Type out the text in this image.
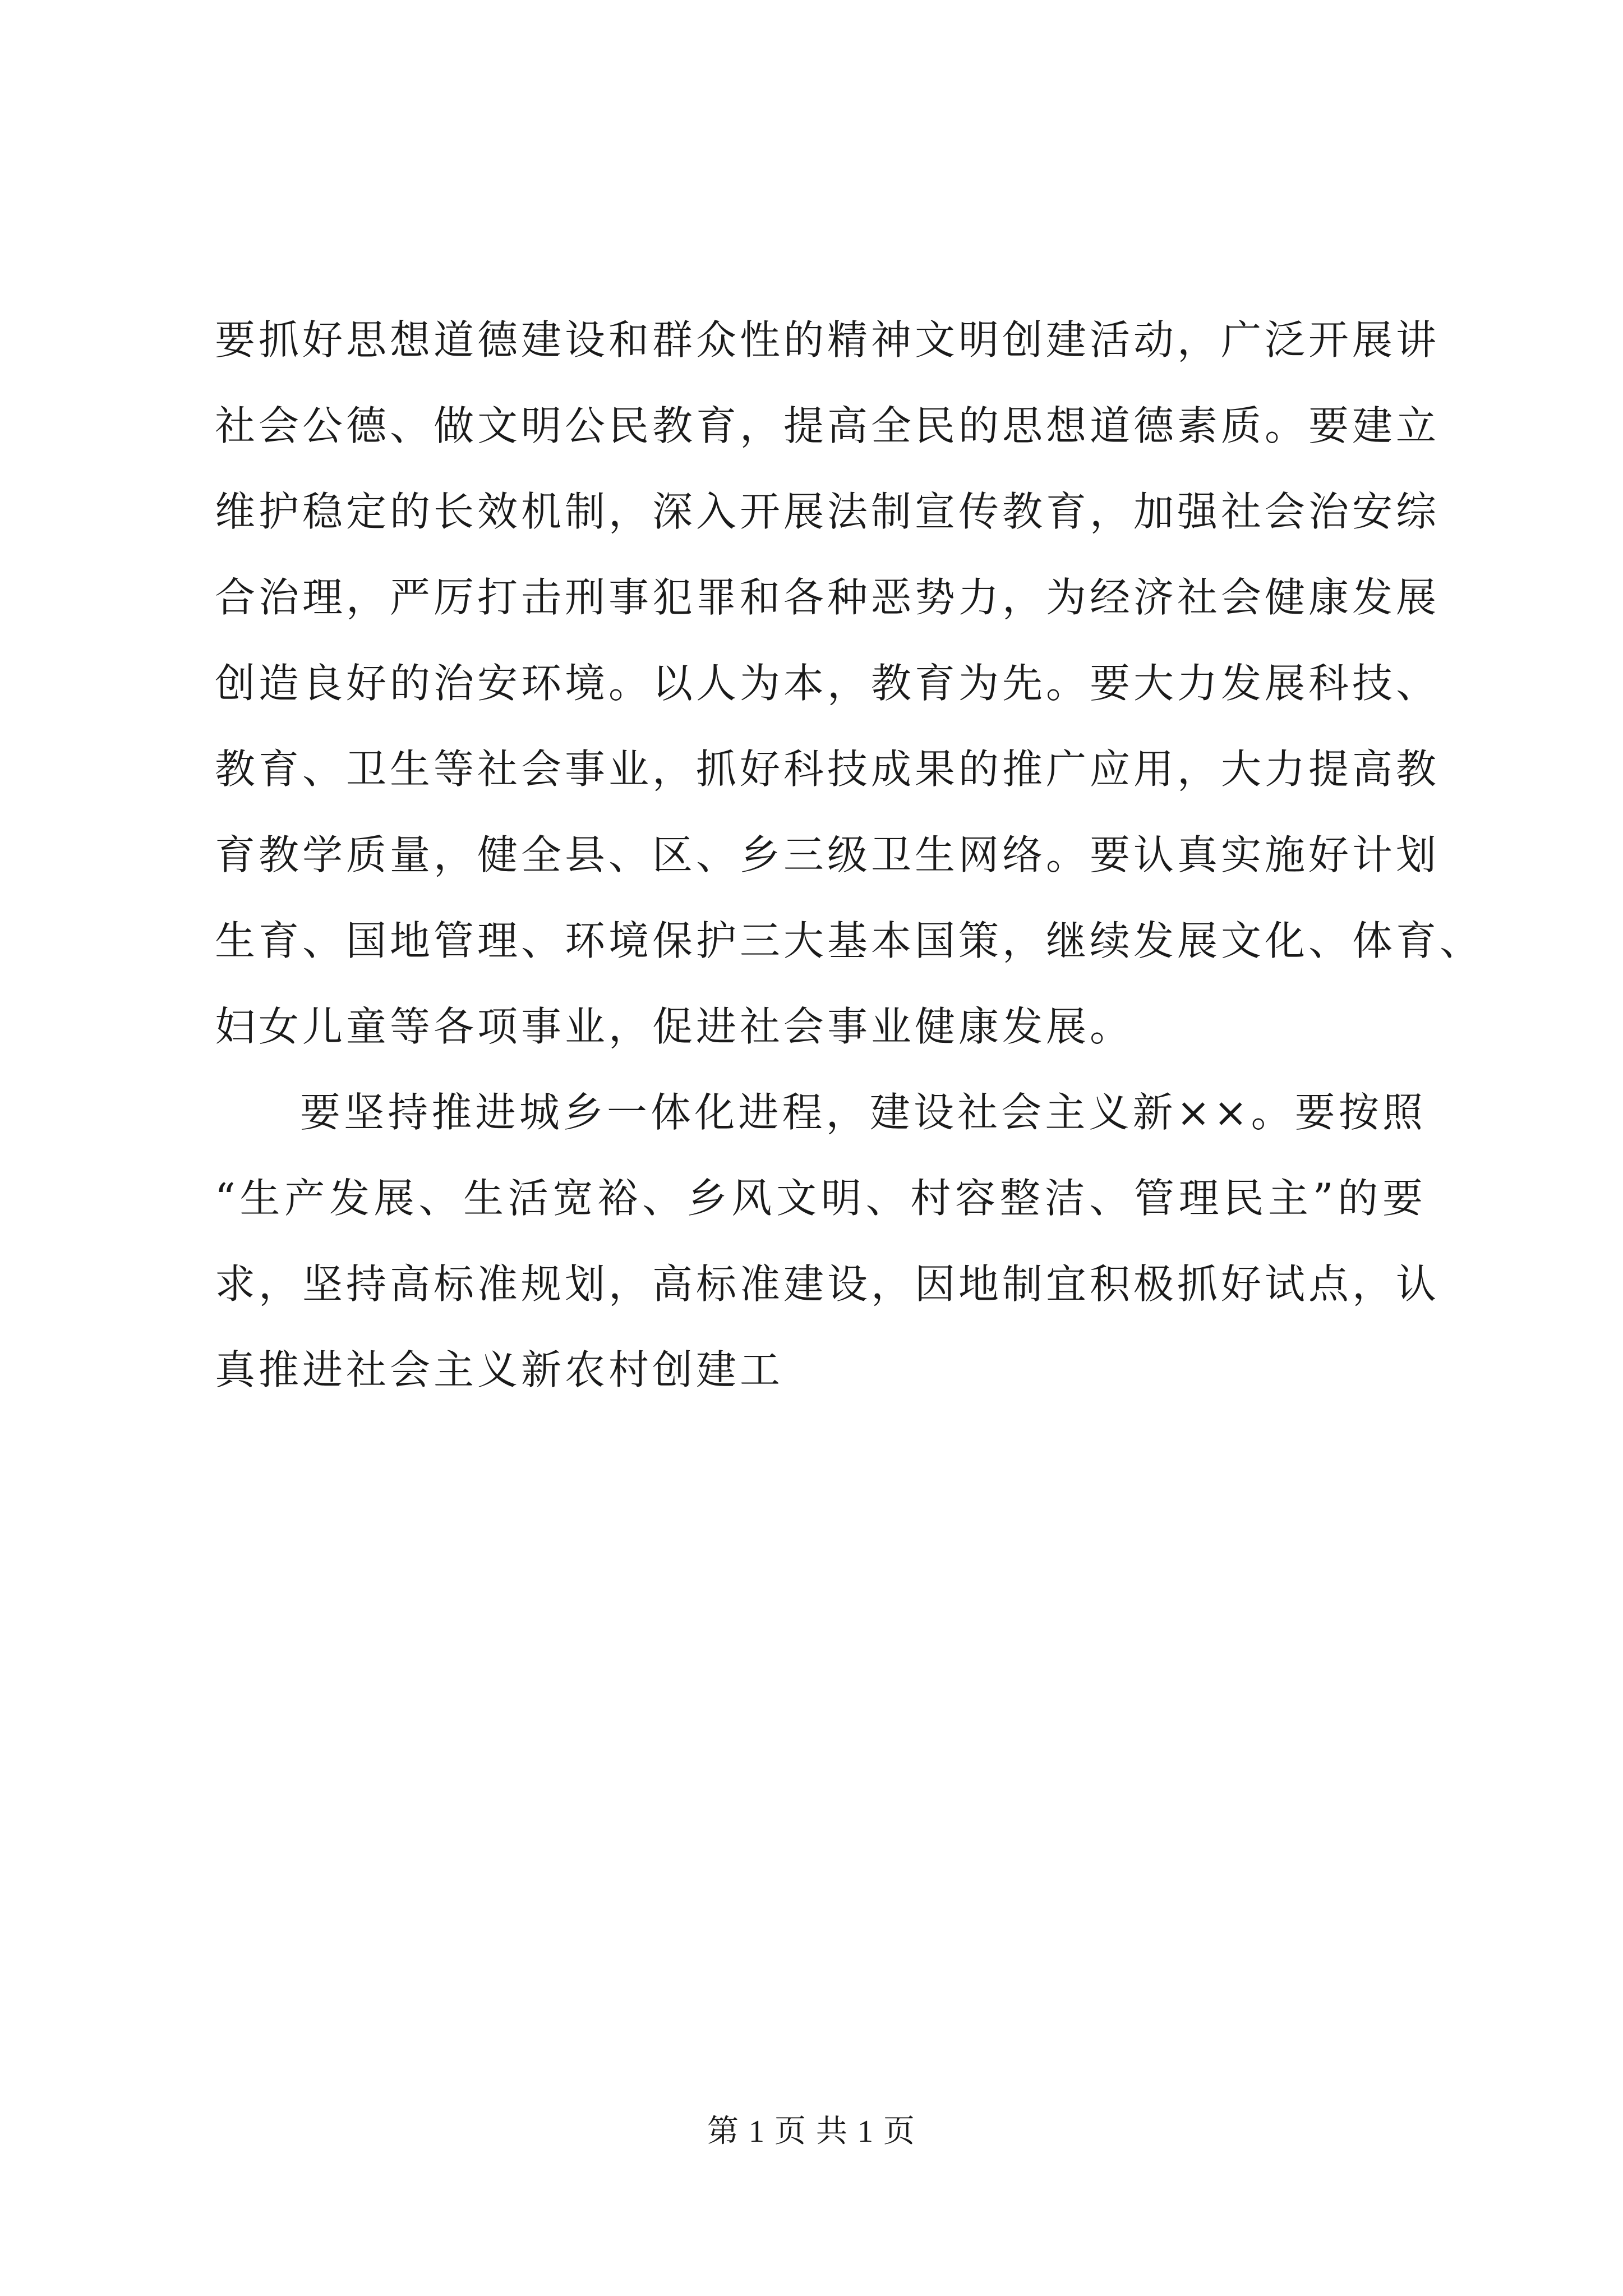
要抓好思想道德建设和群众性的精神文明创建活动，广泛开展讲
社会公德、做文明公民教育，提高全民的思想道德素质。要建立
维护稳定的长效机制，深入开展法制宣传教育，加强社会治安综
合治理，严厉打击刑事犯罪和各种恶势力，为经济社会健康发展
创造良好的治安环境。以人为本，教育为先。要大力发展科技、
教育、卫生等社会事业，抓好科技成果的推广应用，大力提高教
育教学质量，健全县、区、乡三级卫生网络。要认真实施好计划
生育、国地管理、环境保护三大基本国策，继续发展文化、体育、
妇女儿童等各项事业，促进社会事业健康发展。
要坚持推进城乡一体化进程，建设社会主义新××。要按照
“生产发展、生活宽裕、乡风文明、村容整洁、管理民主”的要
求，坚持高标准规划，高标准建设，因地制宜积极抓好试点，认
真推进社会主义新农村创建工
第 1 页 共 1 页
